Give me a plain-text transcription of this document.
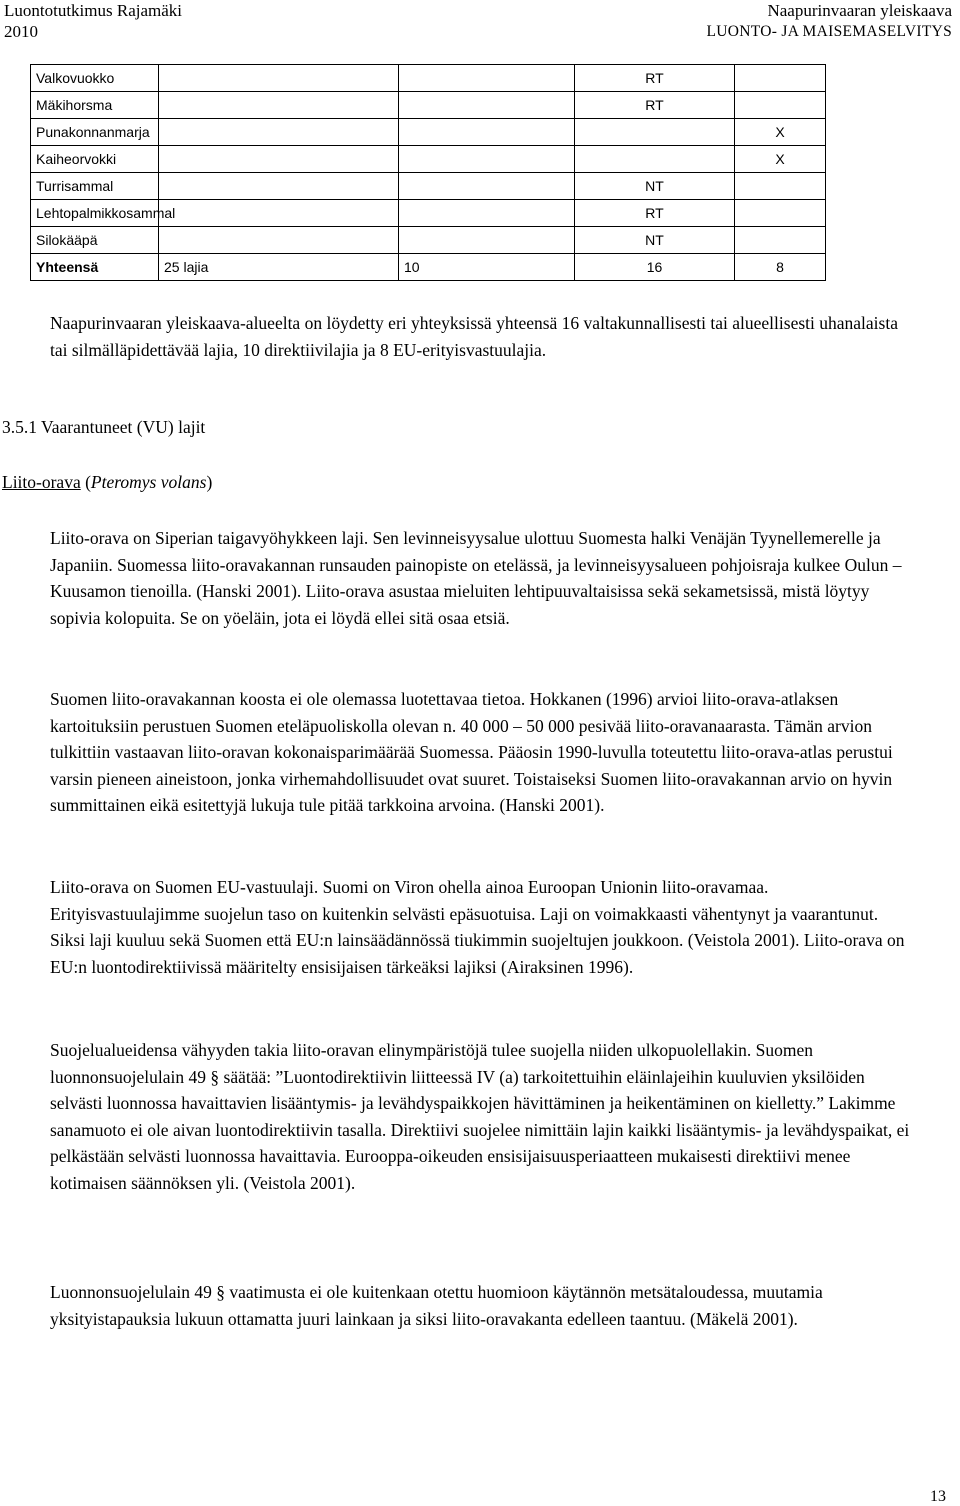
Luontotutkimus Rajamäki
2010
Naapurinvaaran yleiskaava
LUONTO- JA MAISEMASELVITYS
Valkovuokko			RT	
Mäkihorsma			RT	
Punakonnanmarja				X
Kaiheorvokki				X
Turrisammal			NT	
Lehtopalmikkosammal			RT	
Silokääpä			NT	
Yhteensä	25 lajia	10	16	8

Naapurinvaaran yleiskaava-alueelta on löydetty eri yhteyksissä yhteensä 16 valtakunnallisesti tai alueellisesti uhanalaista tai silmälläpidettävää lajia, 10 direktiivilajia ja 8 EU-erityisvastuulajia.

3.5.1 Vaarantuneet (VU) lajit
Liito-orava (Pteromys volans)

Liito-orava on Siperian taigavyöhykkeen laji. Sen levinneisyysalue ulottuu Suomesta halki Venäjän Tyynellemerelle ja Japaniin. Suomessa liito-oravakannan runsauden painopiste on etelässä, ja levinneisyysalueen pohjoisraja kulkee Oulun – Kuusamon tienoilla. (Hanski 2001). Liito-orava asustaa mieluiten lehtipuuvaltaisissa sekä sekametsissä, mistä löytyy sopivia kolopuita. Se on yöeläin, jota ei löydä ellei sitä osaa etsiä.

Suomen liito-oravakannan koosta ei ole olemassa luotettavaa tietoa. Hokkanen (1996) arvioi liito-orava-atlaksen kartoituksiin perustuen Suomen eteläpuoliskolla olevan n. 40 000 – 50 000 pesivää liito-oravanaarasta. Tämän arvion tulkittiin vastaavan liito-oravan kokonaisparimäärää Suomessa. Pääosin 1990-luvulla toteutettu liito-orava-atlas perustui varsin pieneen aineistoon, jonka virhemahdollisuudet ovat suuret. Toistaiseksi Suomen liito-oravakannan arvio on hyvin summittainen eikä esitettyjä lukuja tule pitää tarkkoina arvoina. (Hanski 2001).

Liito-orava on Suomen EU-vastuulaji. Suomi on Viron ohella ainoa Euroopan Unionin liito-oravamaa. Erityisvastuulajimme suojelun taso on kuitenkin selvästi epäsuotuisa. Laji on voimakkaasti vähentynyt ja vaarantunut. Siksi laji kuuluu sekä Suomen että EU:n lainsäädännössä tiukimmin suojeltujen joukkoon. (Veistola 2001). Liito-orava on EU:n luontodirektiivissä määritelty ensisijaisen tärkeäksi lajiksi (Airaksinen 1996).

Suojelualueidensa vähyyden takia liito-oravan elinympäristöjä tulee suojella niiden ulkopuolellakin. Suomen luonnonsuojelulain 49 § säätää: ”Luontodirektiivin liitteessä IV (a) tarkoitettuihin eläinlajeihin kuuluvien yksilöiden selvästi luonnossa havaittavien lisääntymis- ja levähdyspaikkojen hävittäminen ja heikentäminen on kielletty.” Lakimme sanamuoto ei ole aivan luontodirektiivin tasalla. Direktiivi suojelee nimittäin lajin kaikki lisääntymis- ja levähdyspaikat, ei pelkästään selvästi luonnossa havaittavia. Eurooppa-oikeuden ensisijaisuusperiaatteen mukaisesti direktiivi menee kotimaisen säännöksen yli. (Veistola 2001).

Luonnonsuojelulain 49 § vaatimusta ei ole kuitenkaan otettu huomioon käytännön metsätaloudessa, muutamia yksityistapauksia lukuun ottamatta juuri lainkaan ja siksi liito-oravakanta edelleen taantuu. (Mäkelä 2001).

13
